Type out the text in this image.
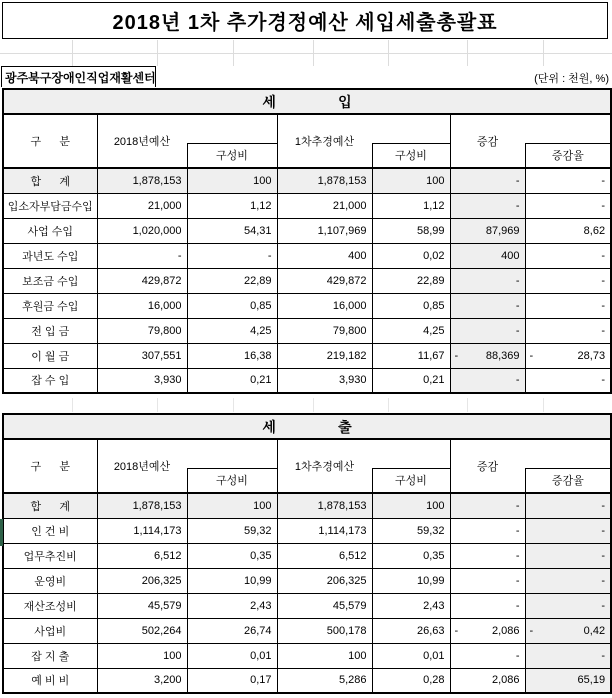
2018년 1차 추가경정예산 세입세출총괄표
광주북구장애인직업재활센터	(단위 : 천원, %)
세                입						
구      분	2018년예산		1차추경예산		증감	
		구성비		구성비		증감율
합      계	1,878,153	100	1,878,153	100	-	-
입소자부담금수입	21,000	1,12	21,000	1,12	-	-
사업 수입	1,020,000	54,31	1,107,969	58,99	87,969	8,62
과년도 수입	-	-	400	0,02	400	-
보조금 수입	429,872	22,89	429,872	22,89	-	-
후원금 수입	16,000	0,85	16,000	0,85	-	-
전 입 금	79,800	4,25	79,800	4,25	-	-
이 월 금	307,551	16,38	219,182	11,67	- 88,369	- 28,73

잡 수 입	3,930	0,21	3,930	0,21	-	-
세                출						
구      분	2018년예산		1차추경예산		증감	
		구성비		구성비		증감율
합      계	1,878,153	100	1,878,153	100	-	-
인 건 비	1,114,173	59,32	1,114,173	59,32	-	-
업무추진비	6,512	0,35	6,512	0,35	-	-
운영비	206,325	10,99	206,325	10,99	-	-
재산조성비	45,579	2,43	45,579	2,43	-	-
사업비	502,264	26,74	500,178	26,63	- 2,086	- 0,42

잡 지 출	100	0,01	100	0,01	-	-
예 비 비	3,200	0,17	5,286	0,28	2,086	65,19
